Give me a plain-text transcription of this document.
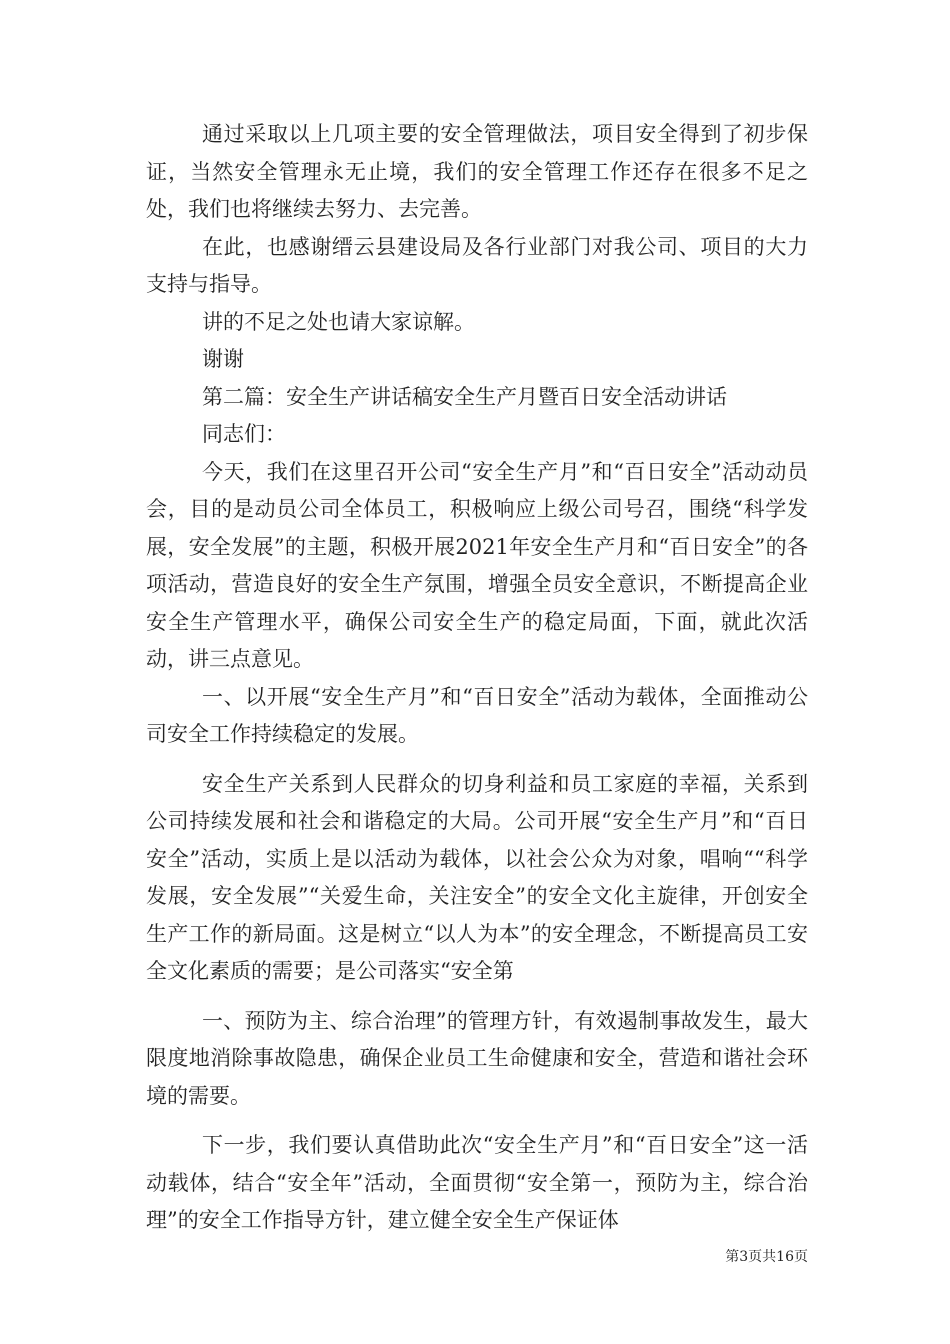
通过采取以上几项主要的安全管理做法，项目安全得到了初步保证，当然安全管理永无止境，我们的安全管理工作还存在很多不足之处，我们也将继续去努力、去完善。

在此，也感谢缙云县建设局及各行业部门对我公司、项目的大力支持与指导。

讲的不足之处也请大家谅解。

谢谢

第二篇：安全生产讲话稿安全生产月暨百日安全活动讲话

同志们：

今天，我们在这里召开公司“安全生产月”和“百日安全”活动动员会，目的是动员公司全体员工，积极响应上级公司号召，围绕“科学发展，安全发展”的主题，积极开展2021年安全生产月和“百日安全”的各项活动，营造良好的安全生产氛围，增强全员安全意识，不断提高企业安全生产管理水平，确保公司安全生产的稳定局面，下面，就此次活动，讲三点意见。

一、以开展“安全生产月”和“百日安全”活动为载体，全面推动公司安全工作持续稳定的发展。

安全生产关系到人民群众的切身利益和员工家庭的幸福，关系到公司持续发展和社会和谐稳定的大局。公司开展“安全生产月”和“百日安全”活动，实质上是以活动为载体，以社会公众为对象，唱响““科学发展，安全发展”“关爱生命，关注安全”的安全文化主旋律，开创安全生产工作的新局面。这是树立“以人为本”的安全理念，不断提高员工安全文化素质的需要；是公司落实“安全第

一、预防为主、综合治理”的管理方针，有效遏制事故发生，最大限度地消除事故隐患，确保企业员工生命健康和安全，营造和谐社会环境的需要。

下一步，我们要认真借助此次“安全生产月”和“百日安全”这一活动载体，结合“安全年”活动，全面贯彻“安全第一，预防为主，综合治理”的安全工作指导方针，建立健全安全生产保证体

第3页共16页
